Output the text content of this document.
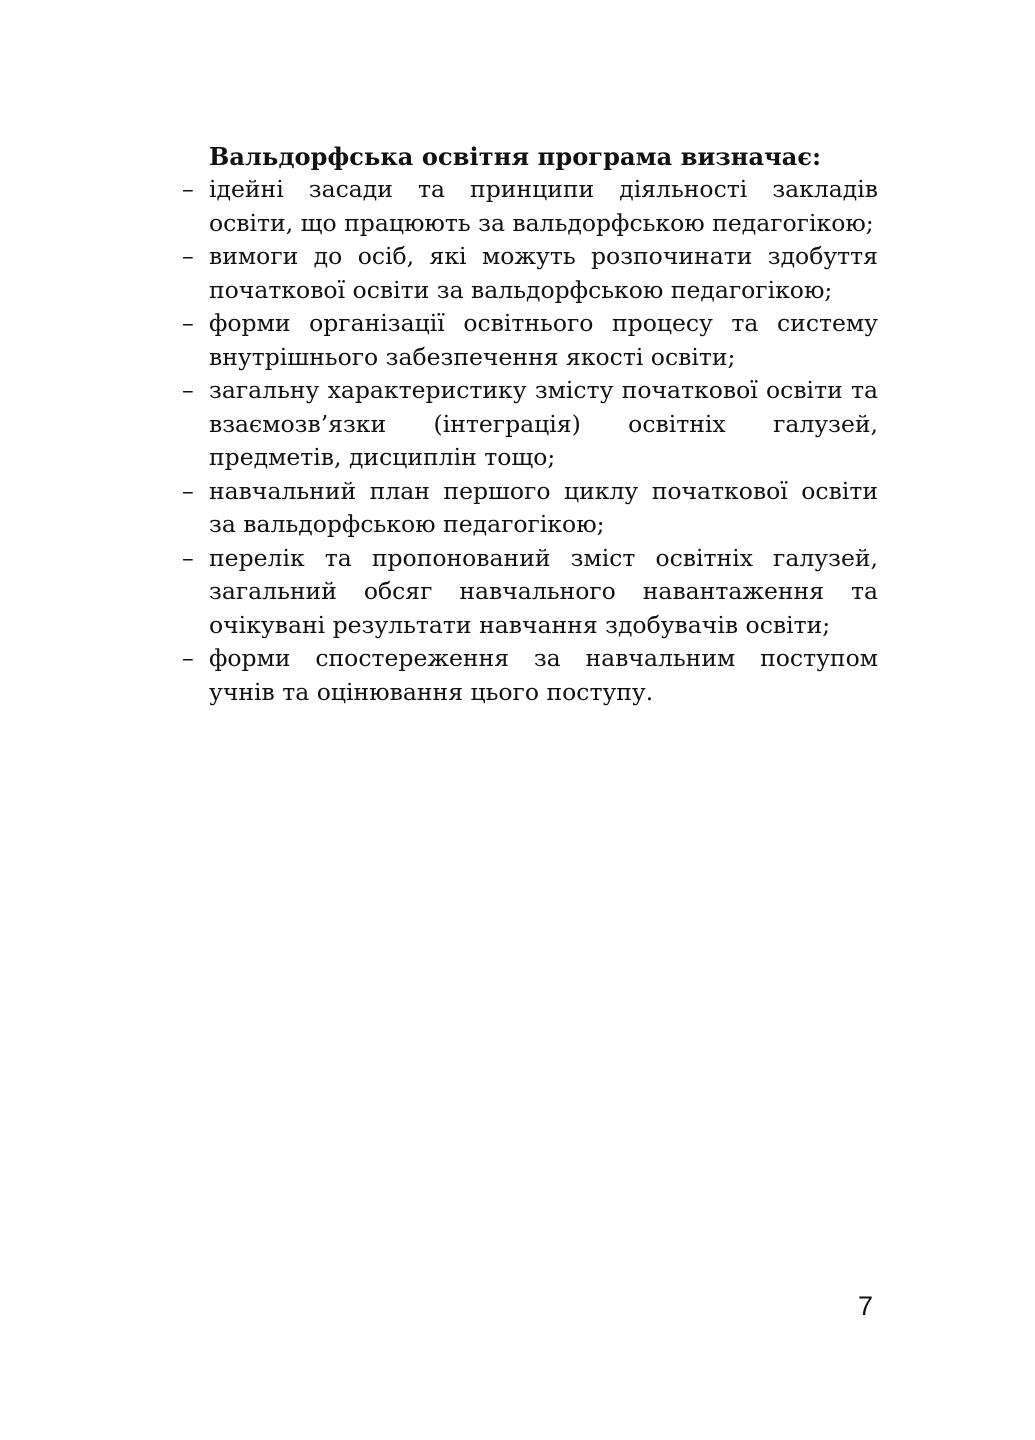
Вальдорфська освітня програма визначає:

– ідейні засади та принципи діяльності закладів освіти, що працюють за вальдорфською педагогікою;
– вимоги до осіб, які можуть розпочинати здобуття початкової освіти за вальдорфською педагогікою;
– форми організації освітнього процесу та систему внутрішнього забезпечення якості освіти;
– загальну характеристику змісту початкової освіти та взаємозв’язки (інтеграція) освітніх галузей, предметів, дисциплін тощо;
– навчальний план першого циклу початкової освіти за вальдорфською педагогікою;
– перелік та пропонований зміст освітніх галузей, загальний обсяг навчального навантаження та очікувані результати навчання здобувачів освіти;
– форми спостереження за навчальним поступом учнів та оцінювання цього поступу.
7
